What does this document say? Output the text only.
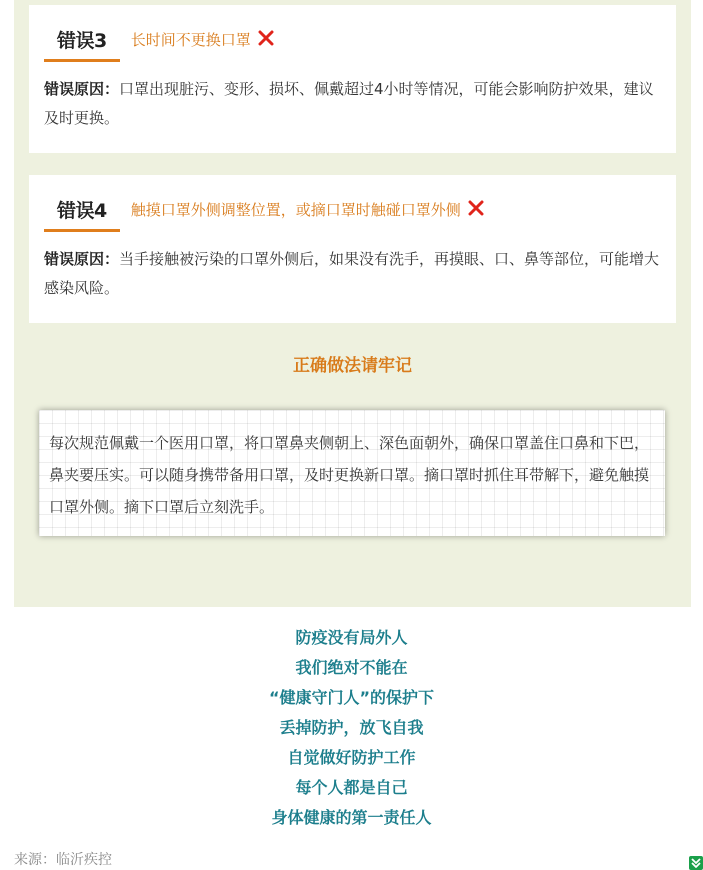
错误3	长时间不更换口罩
错误原因：口罩出现脏污、变形、损坏、佩戴超过4小时等情况，可能会影响防护效果，建议及时更换。
错误4	触摸口罩外侧调整位置，或摘口罩时触碰口罩外侧
错误原因：当手接触被污染的口罩外侧后，如果没有洗手，再摸眼、口、鼻等部位，可能增大感染风险。
正确做法请牢记
每次规范佩戴一个医用口罩，将口罩鼻夹侧朝上、深色面朝外，确保口罩盖住口鼻和下巴，鼻夹要压实。可以随身携带备用口罩，及时更换新口罩。摘口罩时抓住耳带解下，避免触摸口罩外侧。摘下口罩后立刻洗手。
防疫没有局外人
我们绝对不能在
“健康守门人”的保护下
丢掉防护，放飞自我
自觉做好防护工作
每个人都是自己
身体健康的第一责任人
来源：临沂疾控
